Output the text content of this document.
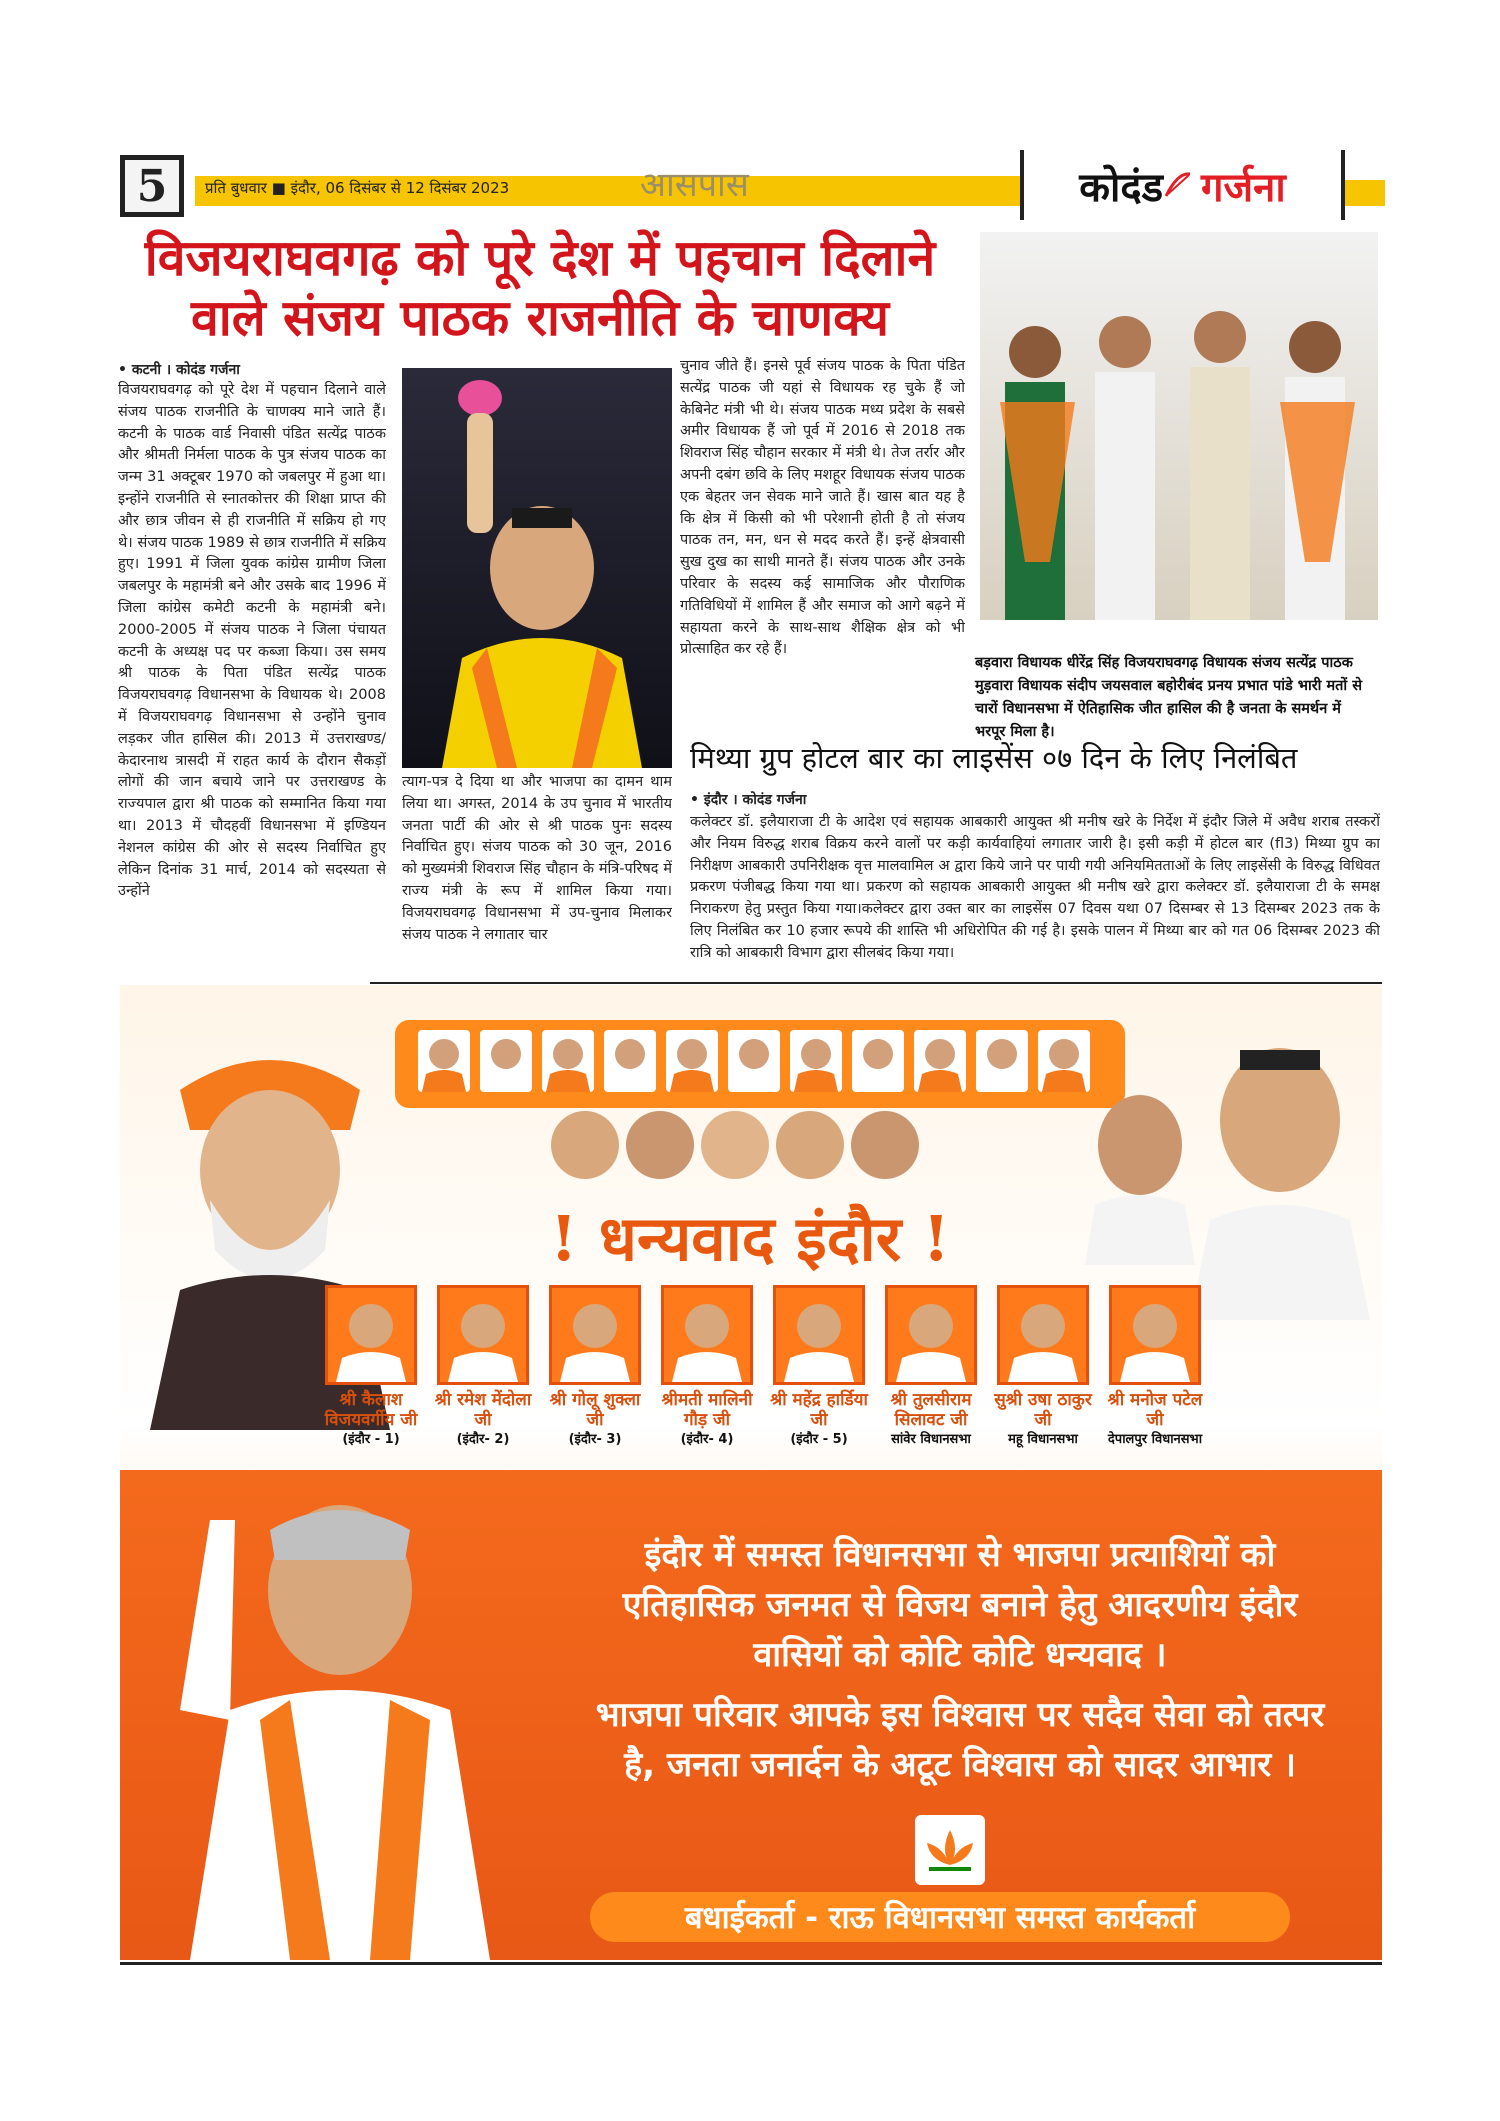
5	प्रति बुधवार ■ इंदौर, 06 दिसंबर से 12 दिसंबर 2023	आसपास	कोदंड गर्जना
विजयराघवगढ़ को पूरे देश में पहचान दिलाने
वाले संजय पाठक राजनीति के चाणक्य
• कटनी । कोदंड गर्जना
विजयराघवगढ़ को पूरे देश में पहचान दिलाने वाले संजय पाठक राजनीति के चाणक्य माने जाते हैं। कटनी के पाठक वार्ड निवासी पंडित सत्येंद्र पाठक और श्रीमती निर्मला पाठक के पुत्र संजय पाठक का जन्म 31 अक्टूबर 1970 को जबलपुर में हुआ था। इन्होंने राजनीति से स्नातकोत्तर की शिक्षा प्राप्त की और छात्र जीवन से ही राजनीति में सक्रिय हो गए थे। संजय पाठक 1989 से छात्र राजनीति में सक्रिय हुए। 1991 में जिला युवक कांग्रेस ग्रामीण जिला जबलपुर के महामंत्री बने और उसके बाद 1996 में जिला कांग्रेस कमेटी कटनी के महामंत्री बने। 2000-2005 में संजय पाठक ने जिला पंचायत कटनी के अध्यक्ष पद पर कब्जा किया। उस समय श्री पाठक के पिता पंडित सत्येंद्र पाठक विजयराघवगढ़ विधानसभा के विधायक थे। 2008 में विजयराघवगढ़ विधानसभा से उन्होंने चुनाव लड़कर जीत हासिल की। 2013 में उत्तराखण्ड/केदारनाथ त्रासदी में राहत कार्य के दौरान सैकड़ों लोगों की जान बचाये जाने पर उत्तराखण्ड के राज्यपाल द्वारा श्री पाठक को सम्मानित किया गया था। 2013 में चौदहवीं विधानसभा में इण्डियन नेशनल कांग्रेस की ओर से सदस्य निर्वाचित हुए लेकिन दिनांक 31 मार्च, 2014 को सदस्यता से उन्होंने
त्याग-पत्र दे दिया था और भाजपा का दामन थाम लिया था। अगस्त, 2014 के उप चुनाव में भारतीय जनता पार्टी की ओर से श्री पाठक पुनः सदस्य निर्वाचित हुए। संजय पाठक को 30 जून, 2016 को मुख्यमंत्री शिवराज सिंह चौहान के मंत्रि-परिषद में राज्य मंत्री के रूप में शामिल किया गया। विजयराघवगढ़ विधानसभा में उप-चुनाव मिलाकर संजय पाठक ने लगातार चार
चुनाव जीते हैं। इनसे पूर्व संजय पाठक के पिता पंडित सत्येंद्र पाठक जी यहां से विधायक रह चुके हैं जो केबिनेट मंत्री भी थे। संजय पाठक मध्य प्रदेश के सबसे अमीर विधायक हैं जो पूर्व में 2016 से 2018 तक शिवराज सिंह चौहान सरकार में मंत्री थे। तेज तर्रार और अपनी दबंग छवि के लिए मशहूर विधायक संजय पाठक एक बेहतर जन सेवक माने जाते हैं। खास बात यह है कि क्षेत्र में किसी को भी परेशानी होती है तो संजय पाठक तन, मन, धन से मदद करते हैं। इन्हें क्षेत्रवासी सुख दुख का साथी मानते हैं। संजय पाठक और उनके परिवार के सदस्य कई सामाजिक और पौराणिक गतिविधियों में शामिल हैं और समाज को आगे बढ़ने में सहायता करने के साथ-साथ शैक्षिक क्षेत्र को भी प्रोत्साहित कर रहे हैं।
बड़वारा विधायक धीरेंद्र सिंह विजयराघवगढ़ विधायक संजय सत्येंद्र पाठक मुड़वारा विधायक संदीप जयसवाल बहोरीबंद प्रनय प्रभात पांडे भारी मतों से चारों विधानसभा में ऐतिहासिक जीत हासिल की है जनता के समर्थन में भरपूर मिला है।
मिथ्या ग्रुप होटल बार का लाइसेंस ०७ दिन के लिए निलंबित
• इंदौर । कोदंड गर्जना
कलेक्टर डॉ. इलैयाराजा टी के आदेश एवं सहायक आबकारी आयुक्त श्री मनीष खरे के निर्देश में इंदौर जिले में अवैध शराब तस्करों और नियम विरुद्ध शराब विक्रय करने वालों पर कड़ी कार्यवाहियां लगातार जारी है। इसी कड़ी में होटल बार (fl3) मिथ्या ग्रुप का निरीक्षण आबकारी उपनिरीक्षक वृत्त मालवामिल अ द्वारा किये जाने पर पायी गयी अनियमितताओं के लिए लाइसेंसी के विरुद्ध विधिवत प्रकरण पंजीबद्ध किया गया था। प्रकरण को सहायक आबकारी आयुक्त श्री मनीष खरे द्वारा कलेक्टर डॉ. इलैयाराजा टी के समक्ष निराकरण हेतु प्रस्तुत किया गया।कलेक्टर द्वारा उक्त बार का लाइसेंस 07 दिवस यथा 07 दिसम्बर से 13 दिसम्बर 2023 तक के लिए निलंबित कर 10 हजार रूपये की शास्ति भी अधिरोपित की गई है। इसके पालन में मिथ्या बार को गत 06 दिसम्बर 2023 की रात्रि को आबकारी विभाग द्वारा सीलबंद किया गया।
! धन्यवाद इंदौर !
श्री कैलाश विजयवर्गीय जी
(इंदौर - 1)
श्री रमेश मेंदोला जी
(इंदौर- 2)
श्री गोलू शुक्ला जी
(इंदौर- 3)
श्रीमती मालिनी गौड़ जी
(इंदौर- 4)
श्री महेंद्र हार्डिया जी
(इंदौर - 5)
श्री तुलसीराम सिलावट जी
सांवेर विधानसभा
सुश्री उषा ठाकुर जी
महू विधानसभा
श्री मनोज पटेल जी
देपालपुर विधानसभा
इंदौर में समस्त विधानसभा से भाजपा प्रत्याशियों को एतिहासिक जनमत से विजय बनाने हेतु आदरणीय इंदौर वासियों को कोटि कोटि धन्यवाद ।
भाजपा परिवार आपके इस विश्वास पर सदैव सेवा को तत्पर है, जनता जनार्दन के अटूट विश्वास को सादर आभार ।
बधाईकर्ता - राऊ विधानसभा समस्त कार्यकर्ता
